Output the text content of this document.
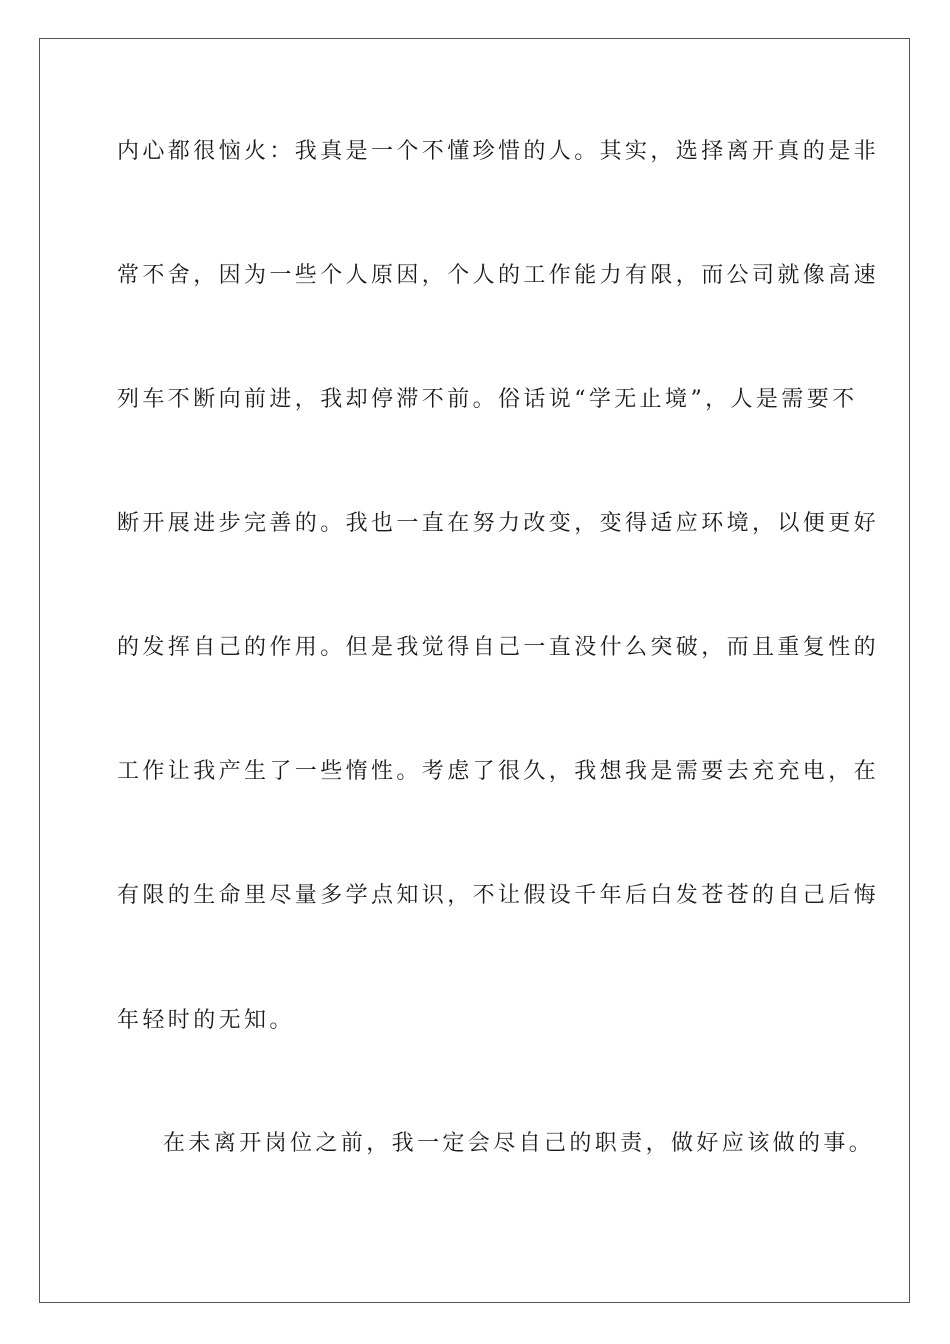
内心都很恼火：我真是一个不懂珍惜的人。其实，选择离开真的是非

常不舍，因为一些个人原因，个人的工作能力有限，而公司就像高速

列车不断向前进，我却停滞不前。俗话说“学无止境”，人是需要不

断开展进步完善的。我也一直在努力改变，变得适应环境，以便更好

的发挥自己的作用。但是我觉得自己一直没什么突破，而且重复性的

工作让我产生了一些惰性。考虑了很久，我想我是需要去充充电，在

有限的生命里尽量多学点知识，不让假设千年后白发苍苍的自己后悔

年轻时的无知。

在未离开岗位之前，我一定会尽自己的职责，做好应该做的事。
